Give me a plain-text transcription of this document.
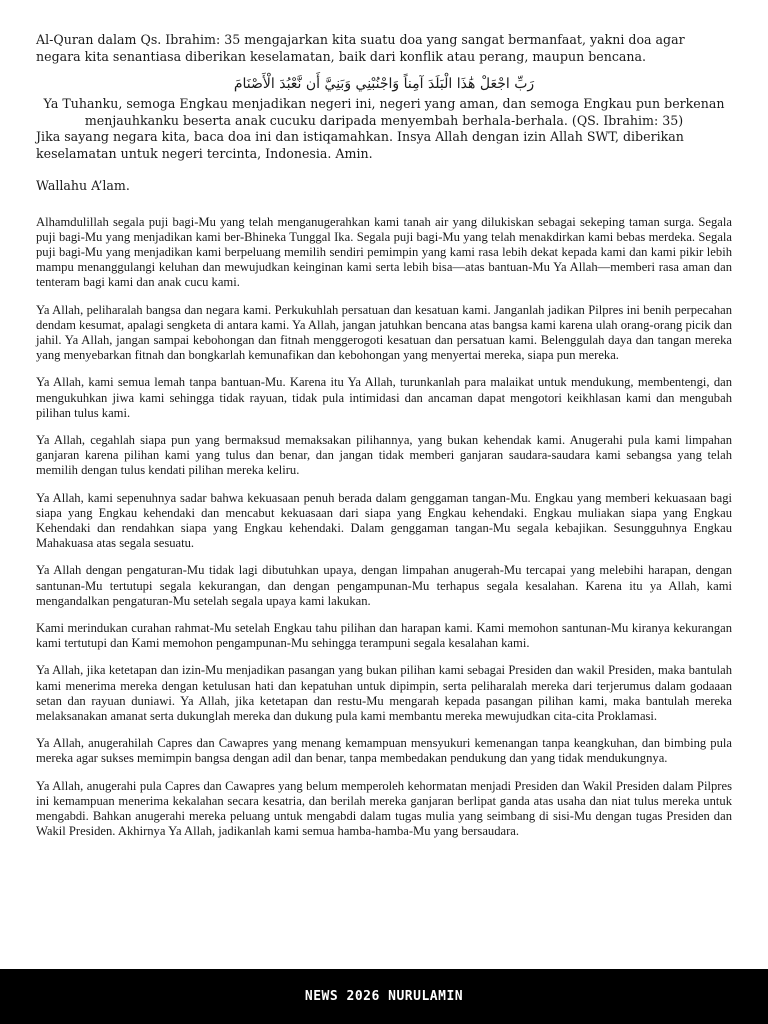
Al-Quran dalam Qs. Ibrahim: 35 mengajarkan kita suatu doa yang sangat bermanfaat, yakni doa agar negara kita senantiasa diberikan keselamatan, baik dari konflik atau perang, maupun bencana.

رَبِّ اجْعَلْ هَٰذَا الْبَلَدَ آمِناً وَاجْنُبْنِي وَبَنِيَّ أَن نَّعْبُدَ الْأَصْنَامَ

Ya Tuhanku, semoga Engkau menjadikan negeri ini, negeri yang aman, dan semoga Engkau pun berkenan menjauhkanku beserta anak cucuku daripada menyembah berhala-berhala. (QS. Ibrahim: 35)

Jika sayang negara kita, baca doa ini dan istiqamahkan. Insya Allah dengan izin Allah SWT, diberikan keselamatan untuk negeri tercinta, Indonesia. Amin.

Wallahu A’lam.

Alhamdulillah segala puji bagi-Mu yang telah menganugerahkan kami tanah air yang dilukiskan sebagai sekeping taman surga. Segala puji bagi-Mu yang menjadikan kami ber-Bhineka Tunggal Ika. Segala puji bagi-Mu yang telah menakdirkan kami bebas merdeka. Segala puji bagi-Mu yang menjadikan kami berpeluang memilih sendiri pemimpin yang kami rasa lebih dekat kepada kami dan kami pikir lebih mampu menanggulangi keluhan dan mewujudkan keinginan kami serta lebih bisa—atas bantuan-Mu Ya Allah—memberi rasa aman dan tenteram bagi kami dan anak cucu kami.

Ya Allah, peliharalah bangsa dan negara kami. Perkukuhlah persatuan dan kesatuan kami. Janganlah jadikan Pilpres ini benih perpecahan dendam kesumat, apalagi sengketa di antara kami. Ya Allah, jangan jatuhkan bencana atas bangsa kami karena ulah orang-orang picik dan jahil. Ya Allah, jangan sampai kebohongan dan fitnah menggerogoti kesatuan dan persatuan kami. Belenggulah daya dan tangan mereka yang menyebarkan fitnah dan bongkarlah kemunafikan dan kebohongan yang menyertai mereka, siapa pun mereka.

Ya Allah, kami semua lemah tanpa bantuan-Mu. Karena itu Ya Allah, turunkanlah para malaikat untuk mendukung, membentengi, dan mengukuhkan jiwa kami sehingga tidak rayuan, tidak pula intimidasi dan ancaman dapat mengotori keikhlasan kami dan mengubah pilihan tulus kami.

Ya Allah, cegahlah siapa pun yang bermaksud memaksakan pilihannya, yang bukan kehendak kami. Anugerahi pula kami limpahan ganjaran karena pilihan kami yang tulus dan benar, dan jangan tidak memberi ganjaran saudara-saudara kami sebangsa yang telah memilih dengan tulus kendati pilihan mereka keliru.

Ya Allah, kami sepenuhnya sadar bahwa kekuasaan penuh berada dalam genggaman tangan-Mu. Engkau yang memberi kekuasaan bagi siapa yang Engkau kehendaki dan mencabut kekuasaan dari siapa yang Engkau kehendaki. Engkau muliakan siapa yang Engkau Kehendaki dan rendahkan siapa yang Engkau kehendaki. Dalam genggaman tangan-Mu segala kebajikan. Sesungguhnya Engkau Mahakuasa atas segala sesuatu.

Ya Allah dengan pengaturan-Mu tidak lagi dibutuhkan upaya, dengan limpahan anugerah-Mu tercapai yang melebihi harapan, dengan santunan-Mu tertutupi segala kekurangan, dan dengan pengampunan-Mu terhapus segala kesalahan. Karena itu ya Allah, kami mengandalkan pengaturan-Mu setelah segala upaya kami lakukan.

Kami merindukan curahan rahmat-Mu setelah Engkau tahu pilihan dan harapan kami. Kami memohon santunan-Mu kiranya kekurangan kami tertutupi dan Kami memohon pengampunan-Mu sehingga terampuni segala kesalahan kami.

Ya Allah, jika ketetapan dan izin-Mu menjadikan pasangan yang bukan pilihan kami sebagai Presiden dan wakil Presiden, maka bantulah kami menerima mereka dengan ketulusan hati dan kepatuhan untuk dipimpin, serta peliharalah mereka dari terjerumus dalam godaaan setan dan rayuan duniawi. Ya Allah, jika ketetapan dan restu-Mu mengarah kepada pasangan pilihan kami, maka bantulah mereka melaksanakan amanat serta dukunglah mereka dan dukung pula kami membantu mereka mewujudkan cita-cita Proklamasi.

Ya Allah, anugerahilah Capres dan Cawapres yang menang kemampuan mensyukuri kemenangan tanpa keangkuhan, dan bimbing pula mereka agar sukses memimpin bangsa dengan adil dan benar, tanpa membedakan pendukung dan yang tidak mendukungnya.

Ya Allah, anugerahi pula Capres dan Cawapres yang belum memperoleh kehormatan menjadi Presiden dan Wakil Presiden dalam Pilpres ini kemampuan menerima kekalahan secara kesatria, dan berilah mereka ganjaran berlipat ganda atas usaha dan niat tulus mereka untuk mengabdi. Bahkan anugerahi mereka peluang untuk mengabdi dalam tugas mulia yang seimbang di sisi-Mu dengan tugas Presiden dan Wakil Presiden. Akhirnya Ya Allah, jadikanlah kami semua hamba-hamba-Mu yang bersaudara.

NEWS 2026 NURULAMIN
